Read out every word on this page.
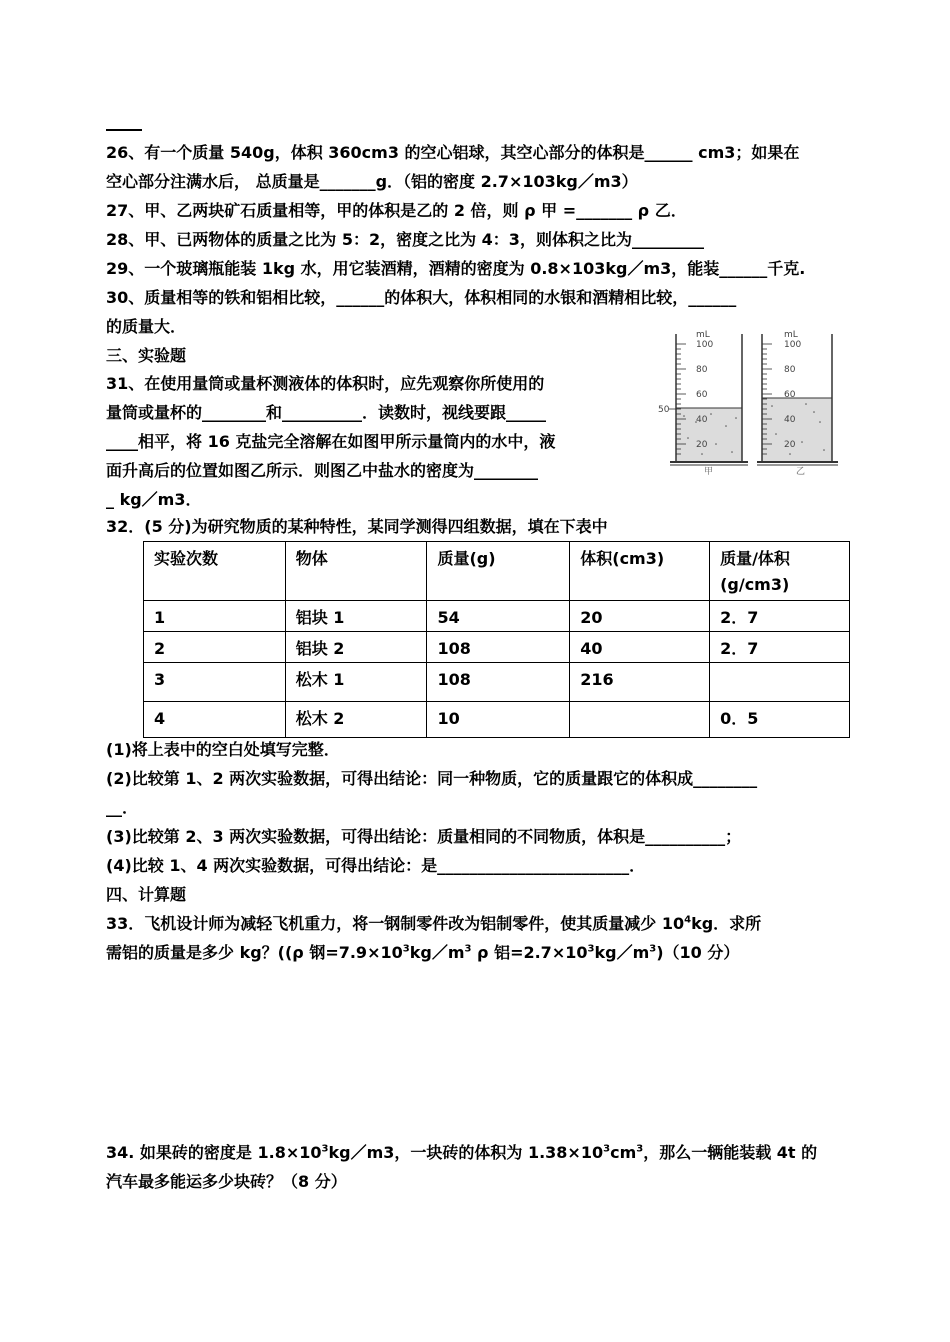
26、有一个质量 540g，体积 360cm3 的空心铝球，其空心部分的体积是______ cm3；如果在
空心部分注满水后， 总质量是_______g．（铝的密度 2.7×103kg／m3）
27、甲、乙两块矿石质量相等，甲的体积是乙的 2 倍，则 ρ 甲 =_______ ρ 乙．
28、甲、已两物体的质量之比为 5：2，密度之比为 4：3，则体积之比为_________
29、一个玻璃瓶能装 1kg 水，用它装酒精，酒精的密度为 0.8×103kg／m3，能装______千克.
30、质量相等的铁和铝相比较，______的体积大，体积相同的水银和酒精相比较，______
的质量大．
三、实验题
31、在使用量筒或量杯测液体的体积时，应先观察你所使用的
量筒或量杯的________和__________．读数时，视线要跟_____
____相平，将 16 克盐完全溶解在如图甲所示量筒内的水中，液
面升高后的位置如图乙所示．则图乙中盐水的密度为________
_ kg／m3．
mL
100
80
60
40
20
50
甲
mL
100
80
60
40
20
乙
32．(5 分)为研究物质的某种特性，某同学测得四组数据，填在下表中
实验次数	物体	质量(g)	体积(cm3)	质量/体积(g/cm3)
1	铝块 1	54	20	2．7
2	铝块 2	108	40	2．7
3	松木 1	108	216	
4	松木 2	10		0．5
(1)将上表中的空白处填写完整．
(2)比较第 1、2 两次实验数据，可得出结论：同一种物质，它的质量跟它的体积成________
__．
(3)比较第 2、3 两次实验数据，可得出结论：质量相同的不同物质，体积是__________；
(4)比较 1、4 两次实验数据，可得出结论：是________________________．
四、计算题
33．飞机设计师为减轻飞机重力，将一钢制零件改为铝制零件，使其质量减少 $10^4kg$．求所
需铝的质量是多少 kg？((ρ 钢$=7.9\times 10^3kg/m^3$ ρ 铝$=2.7\times 10^3kg/m^3)(10$ 分）
34. 如果砖的密度是 $1.8\times 10^3kg/m3$，一块砖的体积为 $1.38\times 10^3cm^3$，那么一辆能装载 4t 的
汽车最多能运多少块砖？（8 分）
